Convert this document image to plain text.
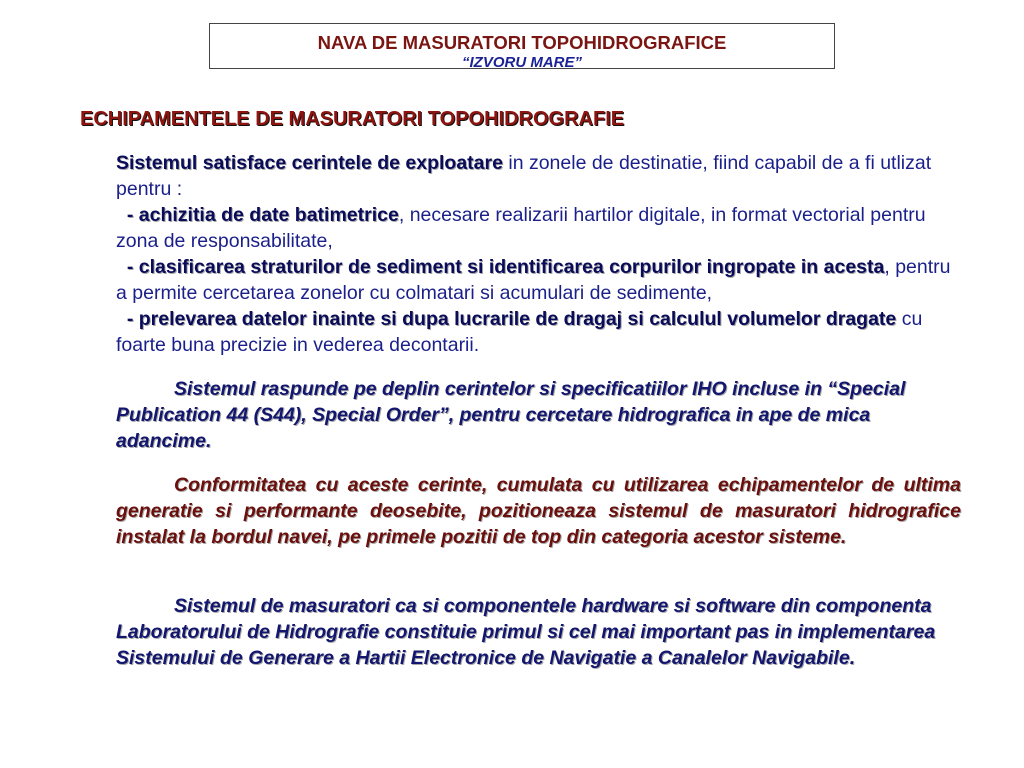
NAVA DE MASURATORI TOPOHIDROGRAFICE
“IZVORU MARE”
ECHIPAMENTELE DE MASURATORI TOPOHIDROGRAFIE
Sistemul satisface cerintele de exploatare in zonele de destinatie, fiind capabil de a fi utlizat pentru :
- achizitia de date batimetrice, necesare realizarii hartilor digitale, in format vectorial pentru zona de responsabilitate,
- clasificarea straturilor de sediment si identificarea corpurilor ingropate in acesta, pentru a permite cercetarea zonelor cu colmatari si acumulari de sedimente,
- prelevarea datelor inainte si dupa lucrarile de dragaj si calculul volumelor dragate cu foarte buna precizie in vederea decontarii.
Sistemul raspunde pe deplin cerintelor si specificatiilor IHO incluse in “Special Publication 44 (S44), Special Order”, pentru cercetare hidrografica in ape de mica adancime.
Conformitatea cu aceste cerinte, cumulata cu utilizarea echipamentelor de ultima generatie si performante deosebite, pozitioneaza sistemul de masuratori hidrografice instalat la bordul navei, pe primele pozitii de top din categoria acestor sisteme.
Sistemul de masuratori ca si componentele hardware si software din componenta Laboratorului de Hidrografie constituie primul si cel mai important pas in implementarea Sistemului de Generare a Hartii Electronice de Navigatie a Canalelor Navigabile.
